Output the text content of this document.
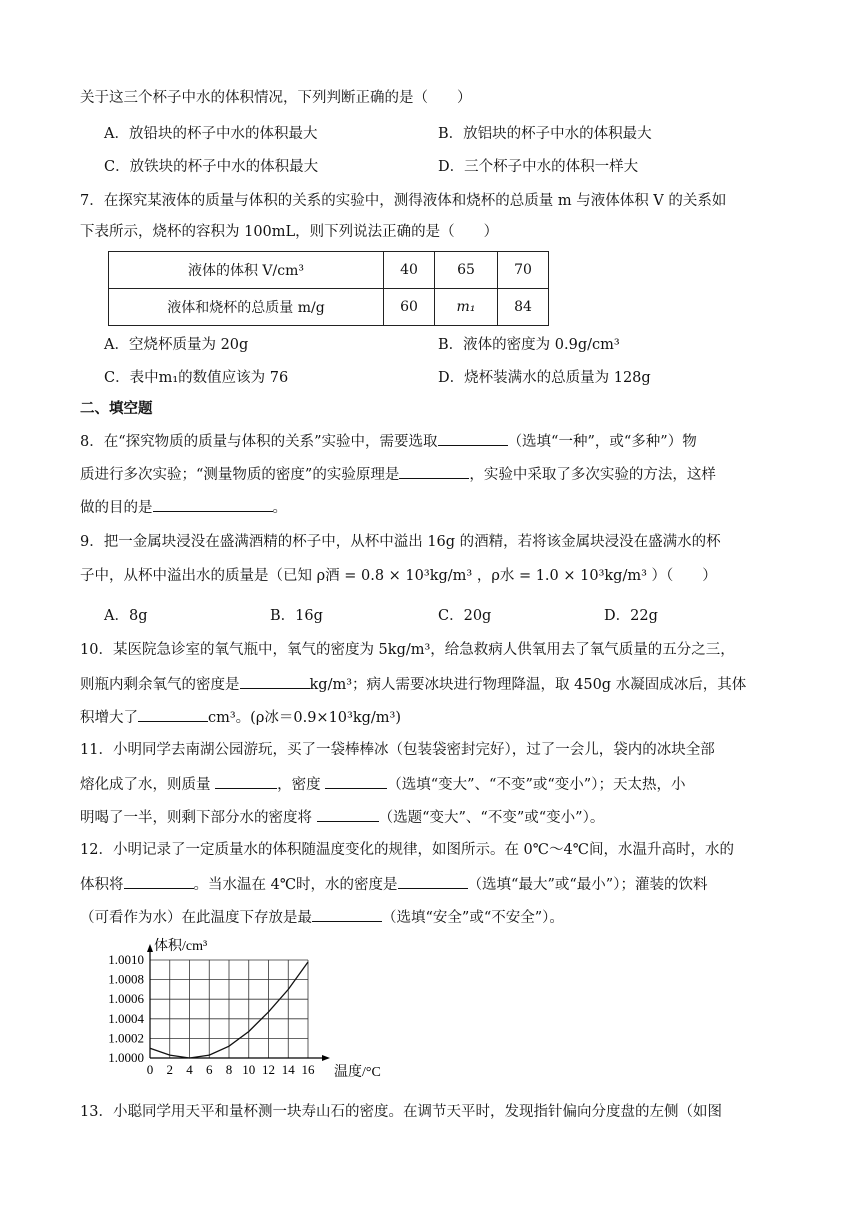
关于这三个杯子中水的体积情况，下列判断正确的是（　　）
A．放铅块的杯子中水的体积最大	B．放铝块的杯子中水的体积最大
C．放铁块的杯子中水的体积最大	D．三个杯子中水的体积一样大
7．在探究某液体的质量与体积的关系的实验中，测得液体和烧杯的总质量 m 与液体体积 V 的关系如
下表所示，烧杯的容积为 100mL，则下列说法正确的是（　　）
液体的体积 V/cm³	40	65	70
液体和烧杯的总质量 m/g	60	m₁	84
A．空烧杯质量为 20g	B．液体的密度为 0.9g/cm³
C．表中m₁的数值应该为 76	D．烧杯装满水的总质量为 128g
二、填空题
8．在“探究物质的质量与体积的关系”实验中，需要选取	（选填“一种”，或“多种”）物
质进行多次实验；“测量物质的密度”的实验原理是	，实验中采取了多次实验的方法，这样
做的目的是	。
9．把一金属块浸没在盛满酒精的杯子中，从杯中溢出 16g 的酒精，若将该金属块浸没在盛满水的杯
子中，从杯中溢出水的质量是（已知 ρ酒 = 0.8 × 10³kg/m³ ，ρ水 = 1.0 × 10³kg/m³ ）（　　）
A．8g	B．16g	C．20g	D．22g
10．某医院急诊室的氧气瓶中，氧气的密度为 5kg/m³，给急救病人供氧用去了氧气质量的五分之三，
则瓶内剩余氧气的密度是	kg/m³；病人需要冰块进行物理降温，取 450g 水凝固成冰后，其体
积增大了	cm³。(ρ冰＝0.9×10³kg/m³)
11．小明同学去南湖公园游玩，买了一袋棒棒冰（包装袋密封完好），过了一会儿，袋内的冰块全部
熔化成了水，则质量	，密度	（选填“变大”、“不变”或“变小”）；天太热，小
明喝了一半，则剩下部分水的密度将	（选题“变大”、“不变”或“变小”）。
12．小明记录了一定质量水的体积随温度变化的规律，如图所示。在 0℃～4℃间，水温升高时，水的
体积将	。当水温在 4℃时，水的密度是	（选填“最大”或“最小”）；灌装的饮料
（可看作为水）在此温度下存放是最	（选填“安全”或“不安全”）。
0 2 4 6 8 10 12 14 16
1.0000
1.0002
1.0004
1.0006
1.0008
1.0010
体积/cm³
温度/°C
13．小聪同学用天平和量杯测一块寿山石的密度。在调节天平时，发现指针偏向分度盘的左侧（如图
